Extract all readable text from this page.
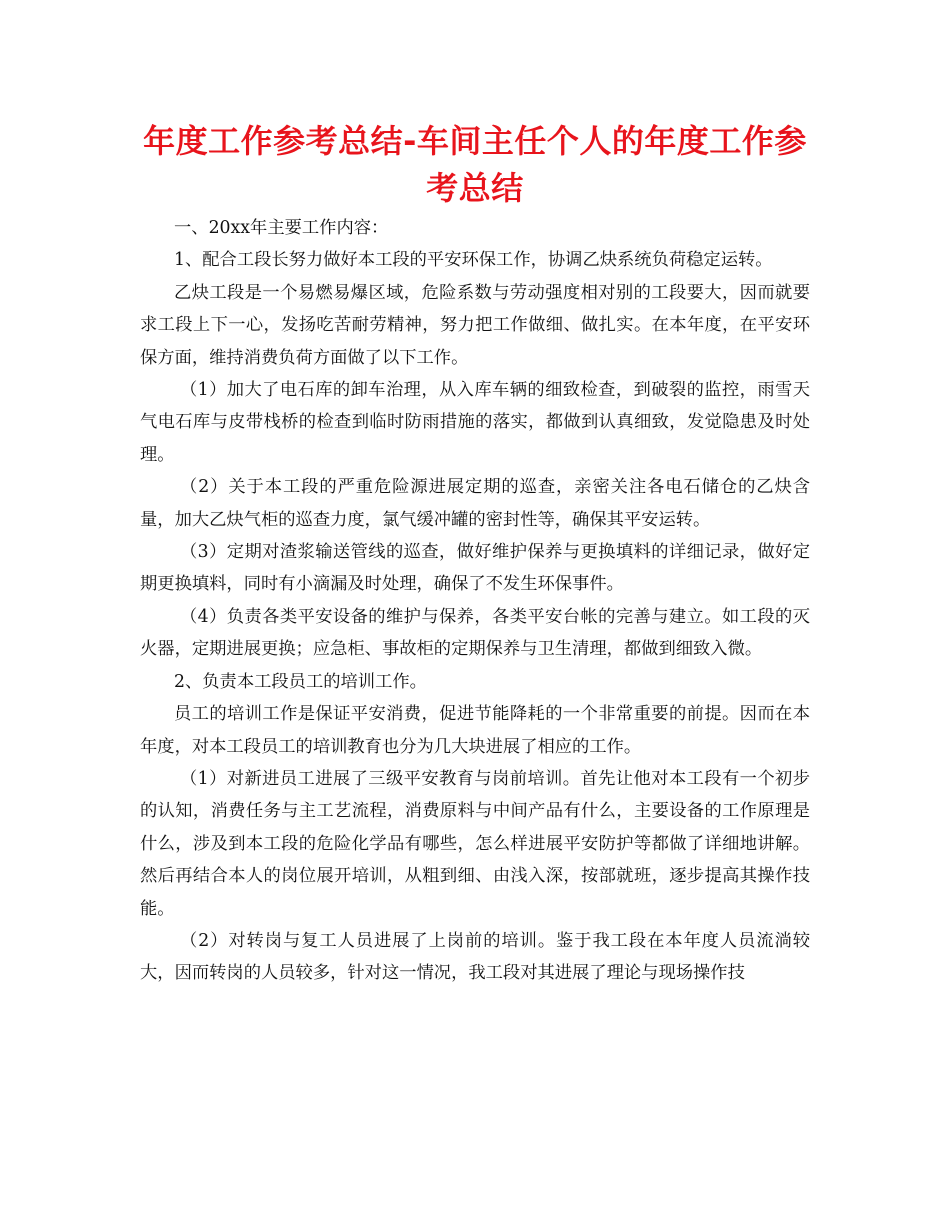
年度工作参考总结-车间主任个人的年度工作参考总结

一、20xx年主要工作内容：

1、配合工段长努力做好本工段的平安环保工作，协调乙炔系统负荷稳定运转。

乙炔工段是一个易燃易爆区域，危险系数与劳动强度相对别的工段要大，因而就要求工段上下一心，发扬吃苦耐劳精神，努力把工作做细、做扎实。在本年度，在平安环保方面，维持消费负荷方面做了以下工作。

（1）加大了电石库的卸车治理，从入库车辆的细致检查，到破裂的监控，雨雪天气电石库与皮带栈桥的检查到临时防雨措施的落实，都做到认真细致，发觉隐患及时处理。

（2）关于本工段的严重危险源进展定期的巡查，亲密关注各电石储仓的乙炔含量，加大乙炔气柜的巡查力度，氯气缓冲罐的密封性等，确保其平安运转。

（3）定期对渣浆输送管线的巡查，做好维护保养与更换填料的详细记录，做好定期更换填料，同时有小滴漏及时处理，确保了不发生环保事件。

（4）负责各类平安设备的维护与保养，各类平安台帐的完善与建立。如工段的灭火器，定期进展更换；应急柜、事故柜的定期保养与卫生清理，都做到细致入微。

2、负责本工段员工的培训工作。

员工的培训工作是保证平安消费，促进节能降耗的一个非常重要的前提。因而在本年度，对本工段员工的培训教育也分为几大块进展了相应的工作。

（1）对新进员工进展了三级平安教育与岗前培训。首先让他对本工段有一个初步的认知，消费任务与主工艺流程，消费原料与中间产品有什么，主要设备的工作原理是什么，涉及到本工段的危险化学品有哪些，怎么样进展平安防护等都做了详细地讲解。然后再结合本人的岗位展开培训，从粗到细、由浅入深，按部就班，逐步提高其操作技能。

（2）对转岗与复工人员进展了上岗前的培训。鉴于我工段在本年度人员流淌较大，因而转岗的人员较多，针对这一情况，我工段对其进展了理论与现场操作技
